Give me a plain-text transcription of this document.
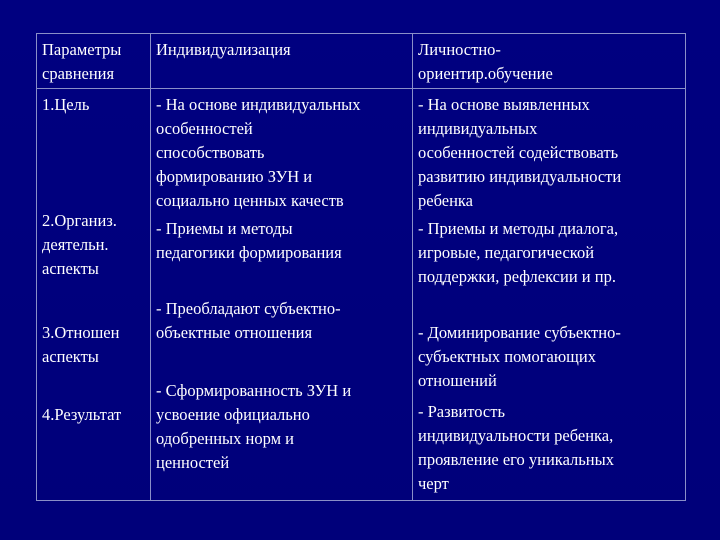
Параметры
сравнения
Индивидуализация	Личностно-
ориентир.обучение
1.Цель
2.Организ.
деятельн.
аспекты
3.Отношен
аспекты
4.Результат
- На основе индивидуальных
особенностей
способствовать
формированию ЗУН и
социально ценных качеств
- Приемы и методы
педагогики формирования
- Преобладают субъектно-
объектные отношения
- Сформированность ЗУН и
усвоение официально
одобренных норм и
ценностей
- На основе выявленных
индивидуальных
особенностей содействовать
развитию индивидуальности
ребенка
- Приемы и методы диалога,
игровые, педагогической
поддержки, рефлексии и пр.
- Доминирование субъектно-
субъектных помогающих
отношений
- Развитость
индивидуальности ребенка,
проявление его уникальных
черт
